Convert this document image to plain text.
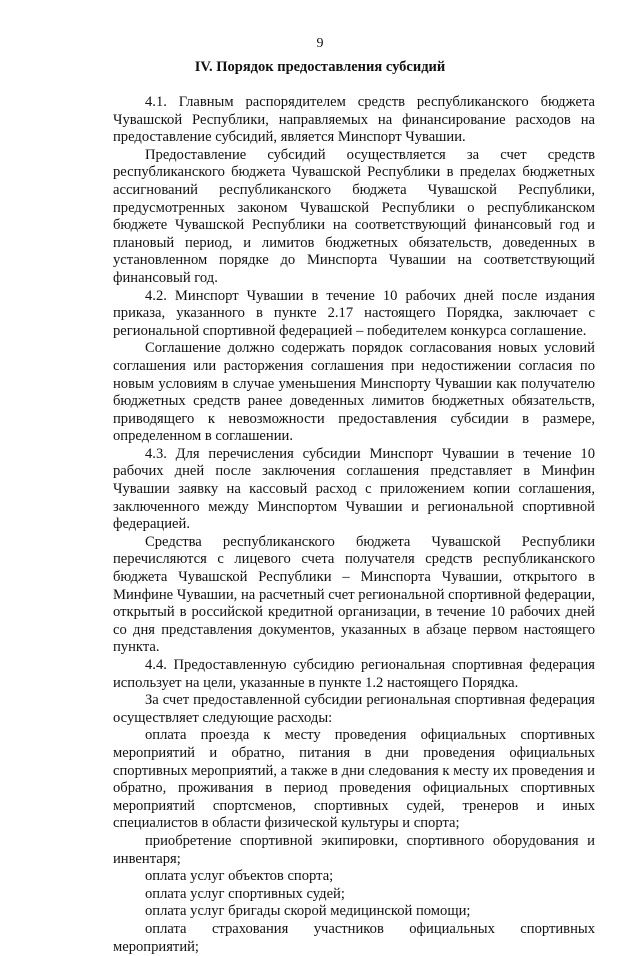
9
IV. Порядок предоставления субсидий

4.1. Главным распорядителем средств республиканского бюджета Чувашской Республики, направляемых на финансирование расходов на предоставление субсидий, является Минспорт Чувашии.

Предоставление субсидий осуществляется за счет средств республиканского бюджета Чувашской Республики в пределах бюджетных ассигнований республиканского бюджета Чувашской Республики, предусмотренных законом Чувашской Республики о республиканском бюджете Чувашской Республики на соответствующий финансовый год и плановый период, и лимитов бюджетных обязательств, доведенных в установленном порядке до Минспорта Чувашии на соответствующий финансовый год.

4.2. Минспорт Чувашии в течение 10 рабочих дней после издания приказа, указанного в пункте 2.17 настоящего Порядка, заключает с региональной спортивной федерацией – победителем конкурса соглашение.

Соглашение должно содержать порядок согласования новых условий соглашения или расторжения соглашения при недостижении согласия по новым условиям в случае уменьшения Минспорту Чувашии как получателю бюджетных средств ранее доведенных лимитов бюджетных обязательств, приводящего к невозможности предоставления субсидии в размере, определенном в соглашении.

4.3. Для перечисления субсидии Минспорт Чувашии в течение 10 рабочих дней после заключения соглашения представляет в Минфин Чувашии заявку на кассовый расход с приложением копии соглашения, заключенного между Минспортом Чувашии и региональной спортивной федерацией.

Средства республиканского бюджета Чувашской Республики перечисляются с лицевого счета получателя средств республиканского бюджета Чувашской Республики – Минспорта Чувашии, открытого в Минфине Чувашии, на расчетный счет региональной спортивной федерации, открытый в российской кредитной организации, в течение 10 рабочих дней со дня представления документов, указанных в абзаце первом настоящего пункта.

4.4. Предоставленную субсидию региональная спортивная федерация использует на цели, указанные в пункте 1.2 настоящего Порядка.

За счет предоставленной субсидии региональная спортивная федерация осуществляет следующие расходы:

оплата проезда к месту проведения официальных спортивных мероприятий и обратно, питания в дни проведения официальных спортивных мероприятий, а также в дни следования к месту их проведения и обратно, проживания в период проведения официальных спортивных мероприятий спортсменов, спортивных судей, тренеров и иных специалистов в области физической культуры и спорта;

приобретение спортивной экипировки, спортивного оборудования и инвентаря;

оплата услуг объектов спорта;

оплата услуг спортивных судей;

оплата услуг бригады скорой медицинской помощи;

оплата страхования участников официальных спортивных мероприятий;
